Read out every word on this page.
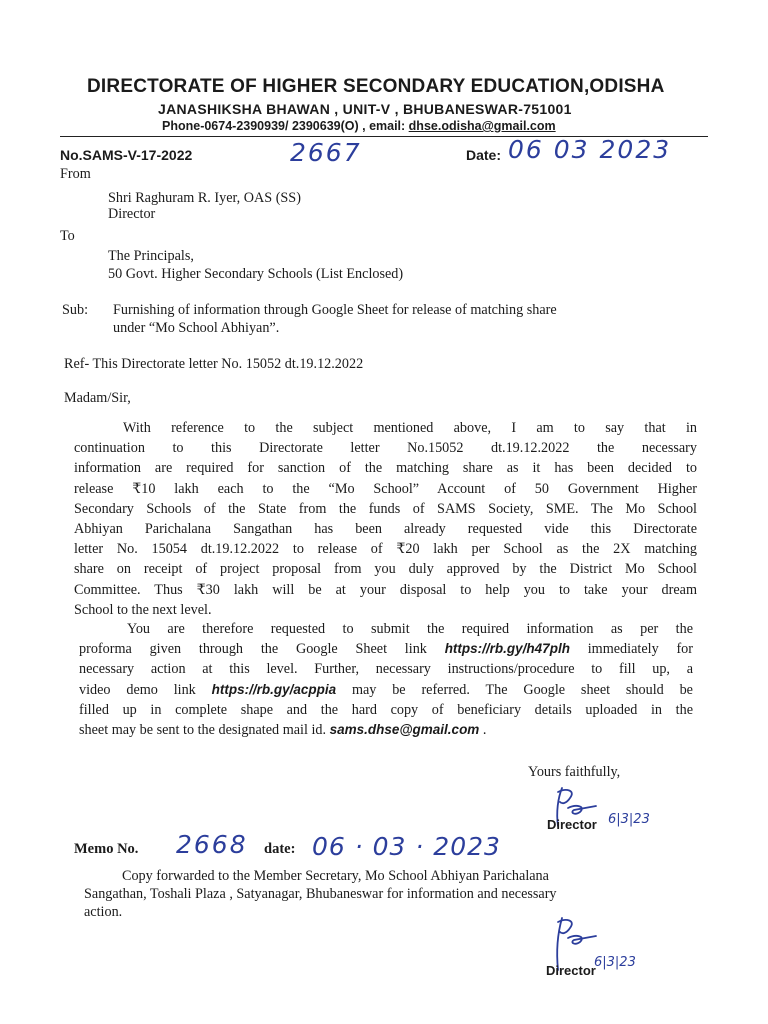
DIRECTORATE OF HIGHER SECONDARY EDUCATION,ODISHA
JANASHIKSHA BHAWAN , UNIT-V , BHUBANESWAR-751001
Phone-0674-2390939/ 2390639(O) , email: dhse.odisha@gmail.com
No.SAMS-V-17-2022	2667	Date: 06 03 2023
From
Shri Raghuram R. Iyer, OAS (SS)
Director
To
The Principals,
50 Govt. Higher Secondary Schools (List Enclosed)
Sub: Furnishing of information through Google Sheet for release of matching share
under “Mo School Abhiyan”.
Ref- This Directorate letter No. 15052 dt.19.12.2022
Madam/Sir,
With reference to the subject mentioned above, I am to say that in
continuation to this Directorate letter No.15052 dt.19.12.2022 the necessary
information are required for sanction of the matching share as it has been decided to
release ₹10 lakh each to the “Mo School” Account of 50 Government Higher
Secondary Schools of the State from the funds of SAMS Society, SME. The Mo School
Abhiyan Parichalana Sangathan has been already requested vide this Directorate
letter No. 15054 dt.19.12.2022 to release of ₹20 lakh per School as the 2X matching
share on receipt of project proposal from you duly approved by the District Mo School
Committee. Thus ₹30 lakh will be at your disposal to help you to take your dream
School to the next level.
You are therefore requested to submit the required information as per the
proforma given through the Google Sheet link https://rb.gy/h47plh immediately for
necessary action at this level. Further, necessary instructions/procedure to fill up, a
video demo link https://rb.gy/acppia may be referred. The Google sheet should be
filled up in complete shape and the hard copy of beneficiary details uploaded in the
sheet may be sent to the designated mail id. sams.dhse@gmail.com .
Yours faithfully,
Director 6|3|23
Memo No. 2668 date: 06 · 03 · 2023
Copy forwarded to the Member Secretary, Mo School Abhiyan Parichalana
Sangathan, Toshali Plaza , Satyanagar, Bhubaneswar for information and necessary
action.
Director
6|3|23
